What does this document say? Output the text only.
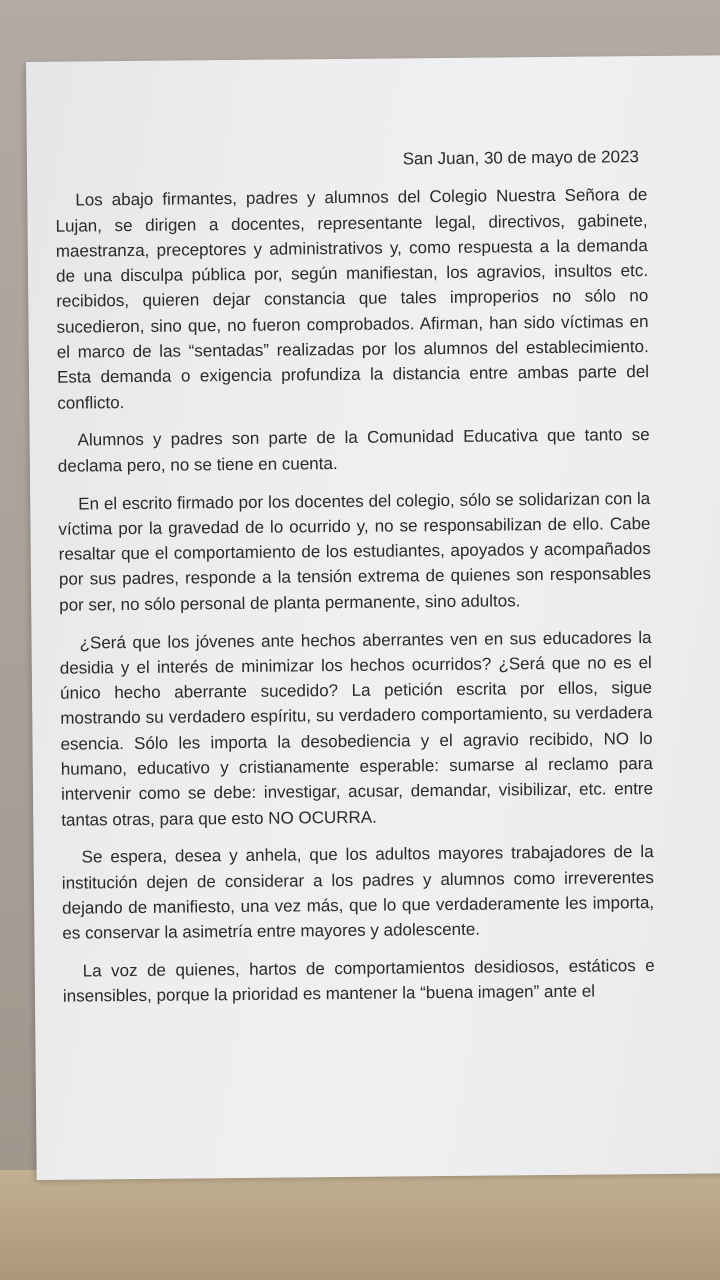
San Juan, 30 de mayo de 2023

Los abajo firmantes, padres y alumnos del Colegio Nuestra Señora de Lujan, se dirigen a docentes, representante legal, directivos, gabinete, maestranza, preceptores y administrativos y, como respuesta a la demanda de una disculpa pública por, según manifiestan, los agravios, insultos etc. recibidos, quieren dejar constancia que tales improperios no sólo no sucedieron, sino que, no fueron comprobados. Afirman, han sido víctimas en el marco de las “sentadas” realizadas por los alumnos del establecimiento. Esta demanda o exigencia profundiza la distancia entre ambas parte del conflicto.

Alumnos y padres son parte de la Comunidad Educativa que tanto se declama pero, no se tiene en cuenta.

En el escrito firmado por los docentes del colegio, sólo se solidarizan con la víctima por la gravedad de lo ocurrido y, no se responsabilizan de ello. Cabe resaltar que el comportamiento de los estudiantes, apoyados y acompañados por sus padres, responde a la tensión extrema de quienes son responsables por ser, no sólo personal de planta permanente, sino adultos.

¿Será que los jóvenes ante hechos aberrantes ven en sus educadores la desidia y el interés de minimizar los hechos ocurridos? ¿Será que no es el único hecho aberrante sucedido? La petición escrita por ellos, sigue mostrando su verdadero espíritu, su verdadero comportamiento, su verdadera esencia. Sólo les importa la desobediencia y el agravio recibido, NO lo humano, educativo y cristianamente esperable: sumarse al reclamo para intervenir como se debe: investigar, acusar, demandar, visibilizar, etc. entre tantas otras, para que esto NO OCURRA.

Se espera, desea y anhela, que los adultos mayores trabajadores de la institución dejen de considerar a los padres y alumnos como irreverentes dejando de manifiesto, una vez más, que lo que verdaderamente les importa, es conservar la asimetría entre mayores y adolescente.

La voz de quienes, hartos de comportamientos desidiosos, estáticos e insensibles, porque la prioridad es mantener la “buena imagen” ante el
